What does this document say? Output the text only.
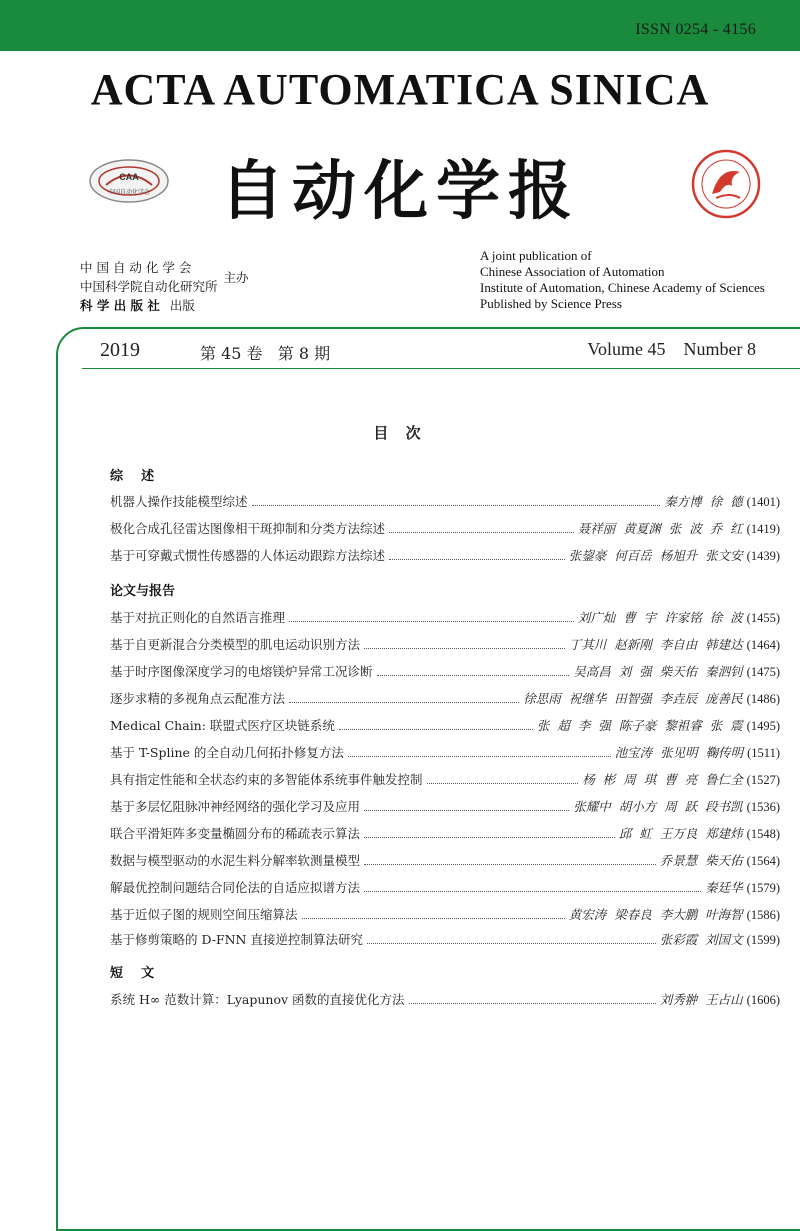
ISSN 0254 - 4156
ACTA AUTOMATICA SINICA
CAA
中国自动化学会	自动化学报
中 国 自 动 化 学 会
中国科学院自动化研究所
主办
科 学 出 版 社 出版
A joint publication of
Chinese Association of Automation
Institute of Automation, Chinese Academy of Sciences
Published by Science Press
2019	第 45 卷   第 8 期	Volume 45    Number 8
目 次
综    述
机器人操作技能模型综述	秦方博 徐 德 (1401)
极化合成孔径雷达图像相干斑抑制和分类方法综述	聂祥丽 黄夏渊 张 波 乔 红 (1419)
基于可穿戴式惯性传感器的人体运动跟踪方法综述	张鋆豪 何百岳 杨旭升 张文安 (1439)
论文与报告
基于对抗正则化的自然语言推理	刘广灿 曹 宇 许家铭 徐 波 (1455)
基于自更新混合分类模型的肌电运动识别方法	丁其川 赵新刚 李自由 韩建达 (1464)
基于时序图像深度学习的电熔镁炉异常工况诊断	吴高昌 刘 强 柴天佑 秦泗钊 (1475)
逐步求精的多视角点云配准方法	徐思雨 祝继华 田智强 李垚辰 庞善民 (1486)
Medical Chain: 联盟式医疗区块链系统	张 超 李 强 陈子豪 黎祖睿 张 震 (1495)
基于 T-Spline 的全自动几何拓扑修复方法	池宝涛 张见明 鞠传明 (1511)
具有指定性能和全状态约束的多智能体系统事件触发控制	杨 彬 周 琪 曹 亮 鲁仁全 (1527)
基于多层忆阻脉冲神经网络的强化学习及应用	张耀中 胡小方 周 跃 段书凯 (1536)
联合平滑矩阵多变量椭圆分布的稀疏表示算法	邱 虹 王万良 郑建炜 (1548)
数据与模型驱动的水泥生料分解率软测量模型	乔景慧 柴天佑 (1564)
解最优控制问题结合同伦法的自适应拟谱方法	秦廷华 (1579)
基于近似子图的规则空间压缩算法	黄宏涛 梁春良 李大鹏 叶海智 (1586)
基于修剪策略的 D-FNN 直接逆控制算法研究	张彩霞 刘国文 (1599)
短    文
系统 H∞ 范数计算：Lyapunov 函数的直接优化方法	刘秀翀 王占山 (1606)
